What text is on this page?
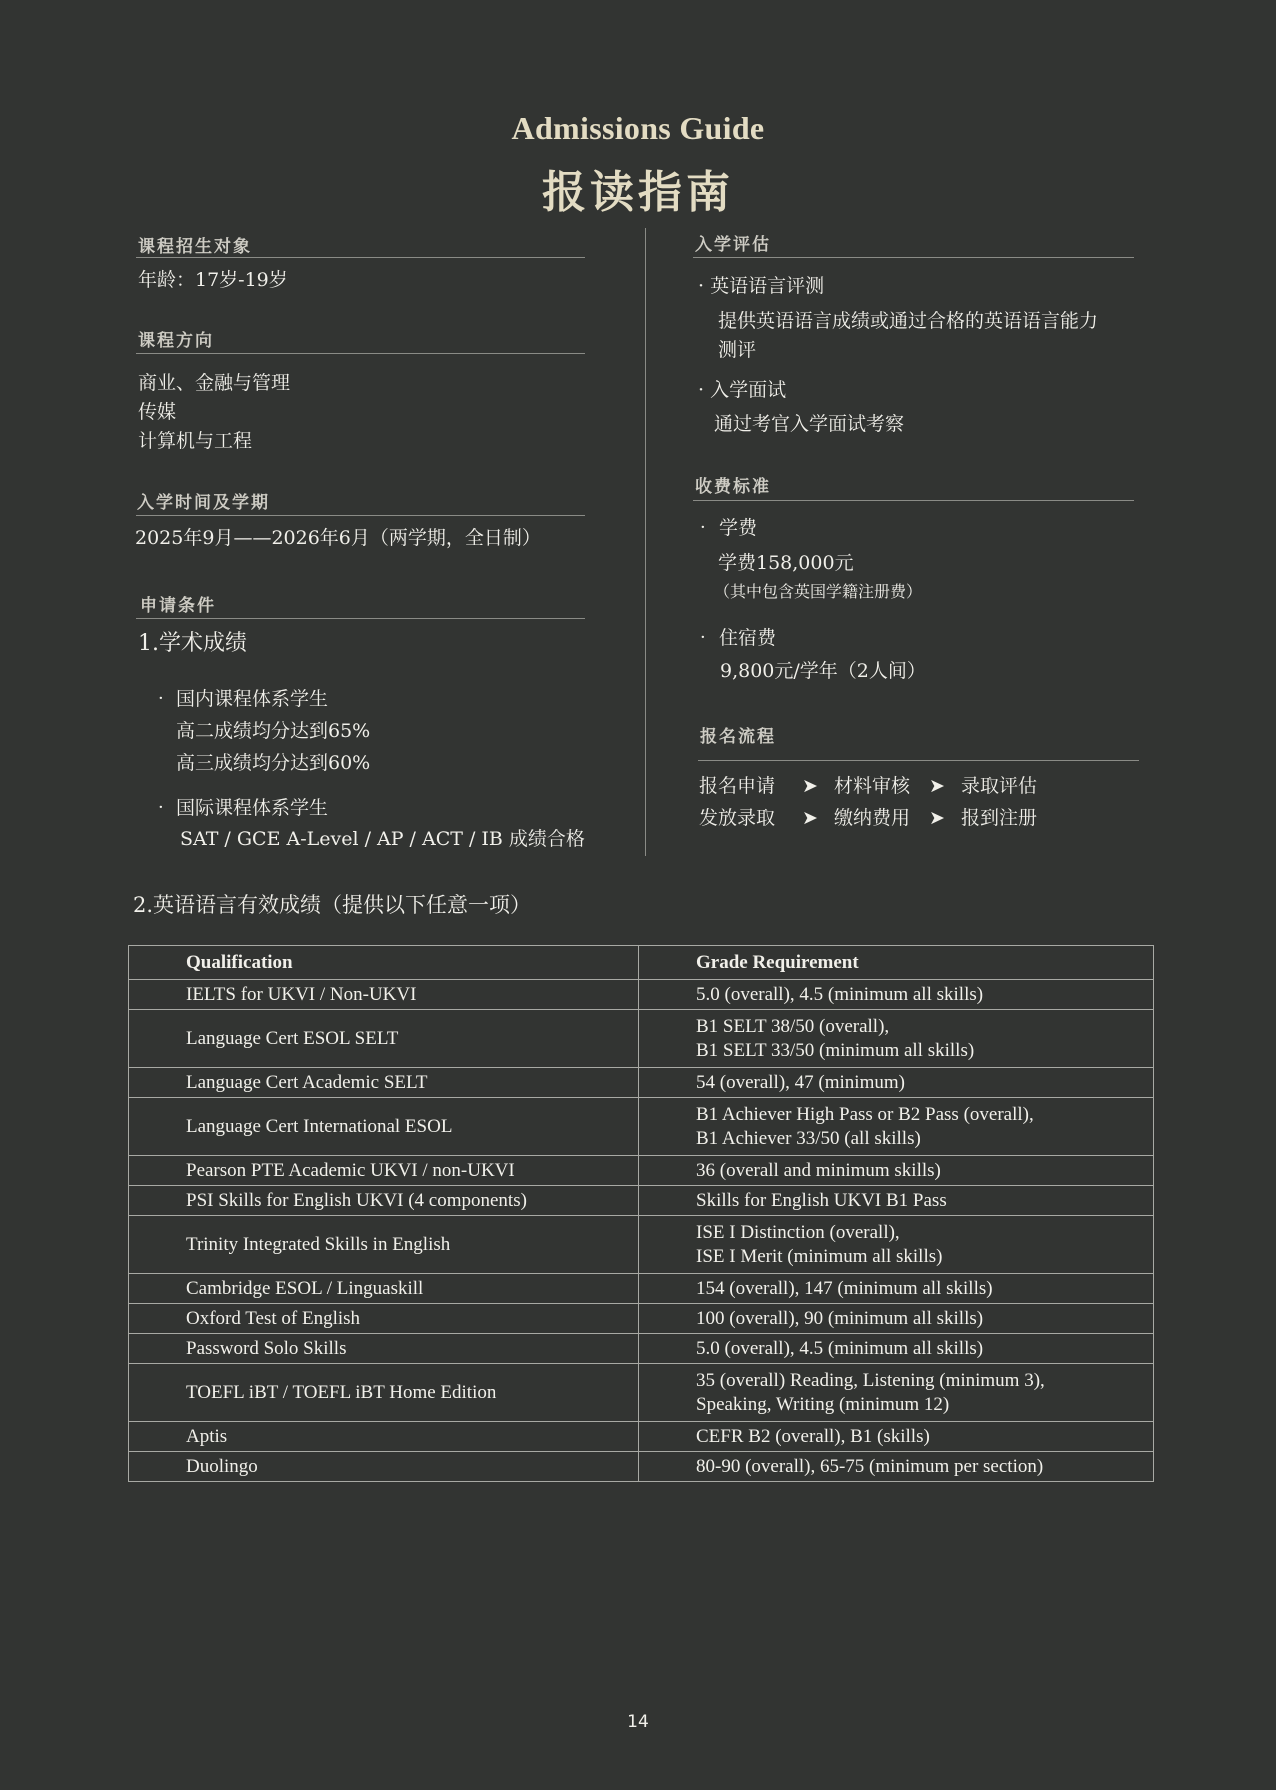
Admissions Guide
报读指南
课程招生对象
年龄：17岁-19岁
课程方向
商业、金融与管理
传媒
计算机与工程
入学时间及学期
2025年9月——2026年6月（两学期，全日制）
申请条件
1.学术成绩
· 国内课程体系学生
高二成绩均分达到65%
高三成绩均分达到60%
· 国际课程体系学生
SAT / GCE A-Level / AP / ACT / IB 成绩合格
入学评估
· 英语语言评测
提供英语语言成绩或通过合格的英语语言能力
测评
· 入学面试
通过考官入学面试考察
收费标准
· 学费
学费158,000元
（其中包含英国学籍注册费）
· 住宿费
9,800元/学年（2人间）
报名流程
报名申请 ➤ 材料审核 ➤ 录取评估
发放录取 ➤ 缴纳费用 ➤ 报到注册
2.英语语言有效成绩（提供以下任意一项）
Qualification	Grade Requirement
IELTS for UKVI / Non-UKVI	5.0 (overall), 4.5 (minimum all skills)

Language Cert ESOL SELT	B1 SELT 38/50 (overall),
B1 SELT 33/50 (minimum all skills)

Language Cert Academic SELT	54 (overall), 47 (minimum)

Language Cert International ESOL	B1 Achiever High Pass or B2 Pass (overall),
B1 Achiever 33/50 (all skills)

Pearson PTE Academic UKVI / non-UKVI	36 (overall and minimum skills)

PSI Skills for English UKVI (4 components)	Skills for English UKVI B1 Pass

Trinity Integrated Skills in English	ISE I Distinction (overall),
ISE I Merit (minimum all skills)

Cambridge ESOL / Linguaskill	154 (overall), 147 (minimum all skills)

Oxford Test of English	100 (overall), 90 (minimum all skills)

Password Solo Skills	5.0 (overall), 4.5 (minimum all skills)

TOEFL iBT / TOEFL iBT Home Edition	35 (overall) Reading, Listening (minimum 3),
Speaking, Writing (minimum 12)

Aptis	CEFR B2 (overall), B1 (skills)

Duolingo	80-90 (overall), 65-75 (minimum per section)
14
